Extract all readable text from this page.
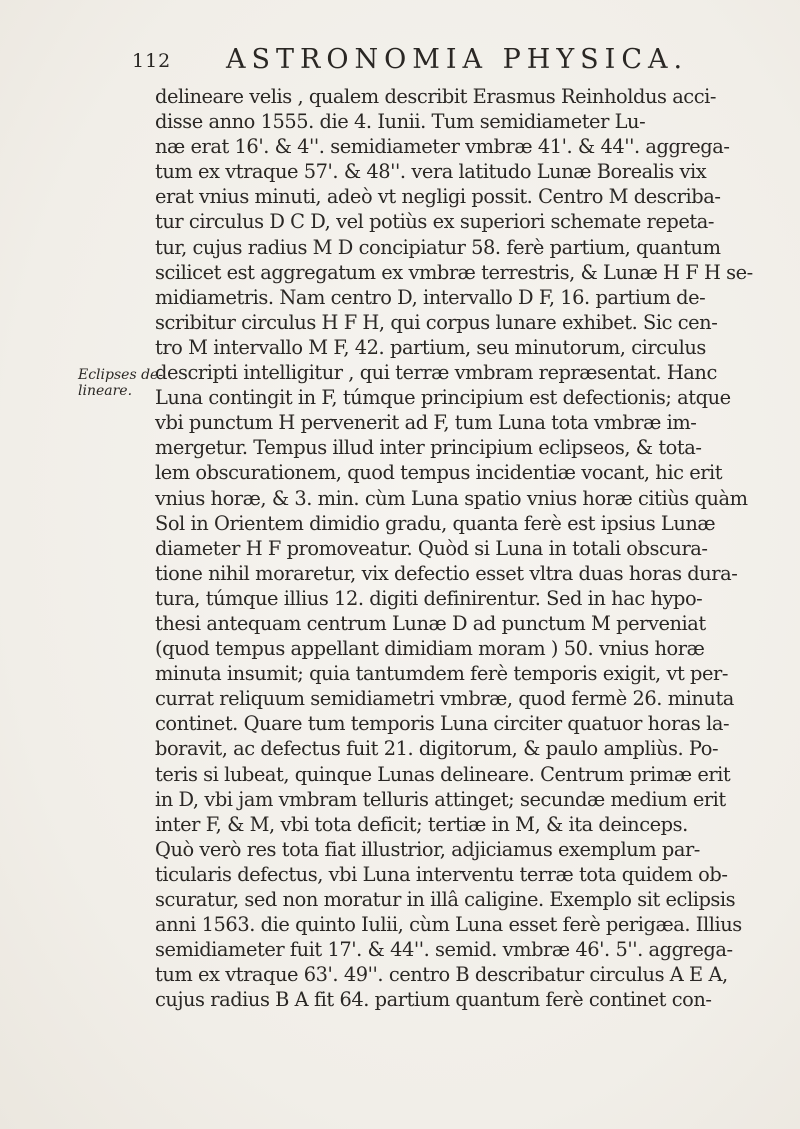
112 ASTRONOMIA PHYSICA.
Eclipses de-
lineare.
delineare velis , qualem describit Erasmus Reinholdus acci-
disse anno 1555. die 4. Iunii. Tum semidiameter Lu-
næ erat 16'. & 4''. semidiameter vmbræ 41'. & 44''. aggrega-
tum ex vtraque 57'. & 48''. vera latitudo Lunæ Borealis vix
erat vnius minuti, adeò vt negligi possit. Centro M describa-
tur circulus D C D, vel potiùs ex superiori schemate repeta-
tur, cujus radius M D concipiatur 58. ferè partium, quantum
scilicet est aggregatum ex vmbræ terrestris, & Lunæ H F H se-
midiametris. Nam centro D, intervallo D F, 16. partium de-
scribitur circulus H F H, qui corpus lunare exhibet. Sic cen-
tro M intervallo M F, 42. partium, seu minutorum, circulus
descripti intelligitur , qui terræ vmbram repræsentat. Hanc
Luna contingit in F, túmque principium est defectionis; atque
vbi punctum H pervenerit ad F, tum Luna tota vmbræ im-
mergetur. Tempus illud inter principium eclipseos, & tota-
lem obscurationem, quod tempus incidentiæ vocant, hic erit
vnius horæ, & 3. min. cùm Luna spatio vnius horæ citiùs quàm
Sol in Orientem dimidio gradu, quanta ferè est ipsius Lunæ
diameter H F promoveatur. Quòd si Luna in totali obscura-
tione nihil moraretur, vix defectio esset vltra duas horas dura-
tura, túmque illius 12. digiti definirentur. Sed in hac hypo-
thesi antequam centrum Lunæ D ad punctum M perveniat
(quod tempus appellant dimidiam moram ) 50. vnius horæ
minuta insumit; quia tantumdem ferè temporis exigit, vt per-
currat reliquum semidiametri vmbræ, quod fermè 26. minuta
continet. Quare tum temporis Luna circiter quatuor horas la-
boravit, ac defectus fuit 21. digitorum, & paulo ampliùs. Po-
teris si lubeat, quinque Lunas delineare. Centrum primæ erit
in D, vbi jam vmbram telluris attinget; secundæ medium erit
inter F, & M, vbi tota deficit; tertiæ in M, & ita deinceps.
Quò verò res tota fiat illustrior, adjiciamus exemplum par-
ticularis defectus, vbi Luna interventu terræ tota quidem ob-
scuratur, sed non moratur in illâ caligine. Exemplo sit eclipsis
anni 1563. die quinto Iulii, cùm Luna esset ferè perigæa. Illius
semidiameter fuit 17'. & 44''. semid. vmbræ 46'. 5''. aggrega-
tum ex vtraque 63'. 49''. centro B describatur circulus A E A,
cujus radius B A fit 64. partium quantum ferè continet con-
